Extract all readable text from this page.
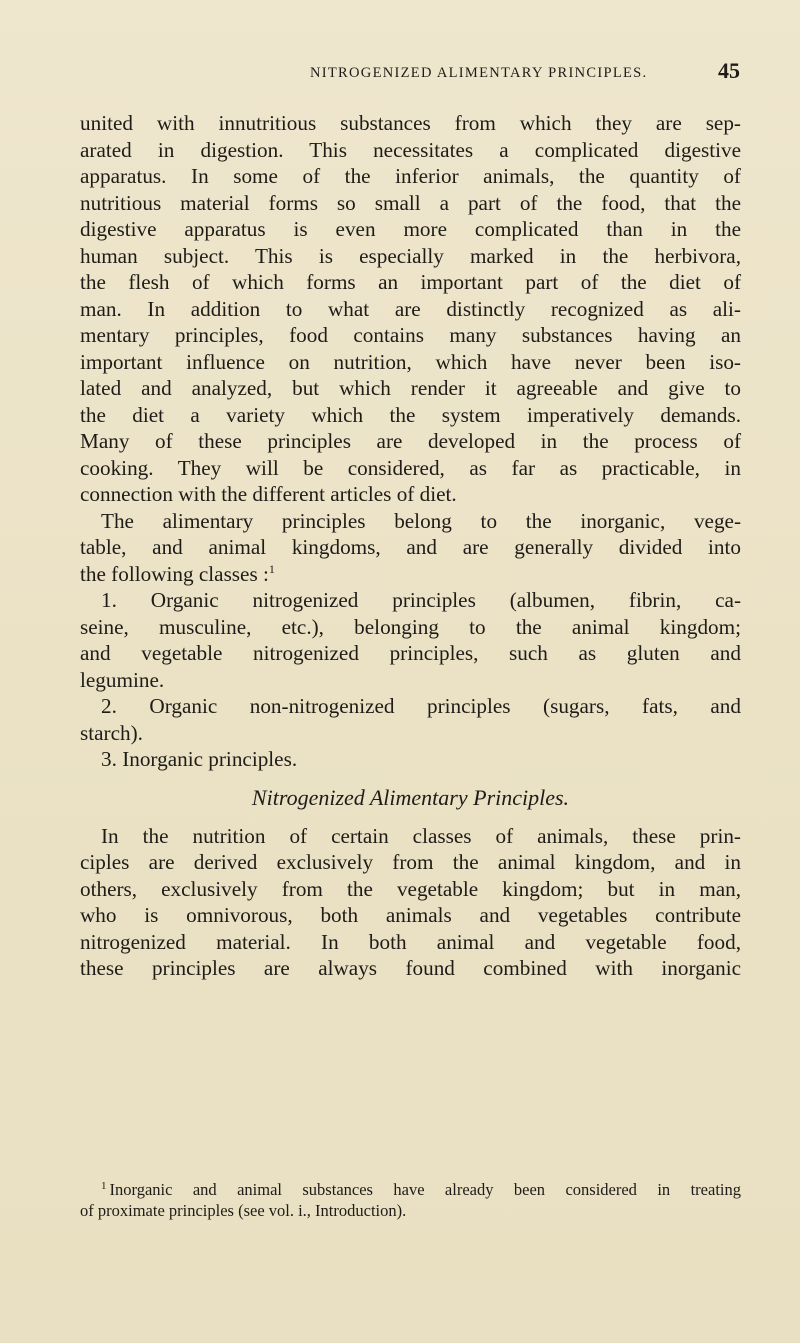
NITROGENIZED ALIMENTARY PRINCIPLES.	45
united with innutritious substances from which they are sep-
arated in digestion. This necessitates a complicated digestive
apparatus. In some of the inferior animals, the quantity of
nutritious material forms so small a part of the food, that the
digestive apparatus is even more complicated than in the
human subject. This is especially marked in the herbivora,
the flesh of which forms an important part of the diet of
man. In addition to what are distinctly recognized as ali-
mentary principles, food contains many substances having an
important influence on nutrition, which have never been iso-
lated and analyzed, but which render it agreeable and give to
the diet a variety which the system imperatively demands.
Many of these principles are developed in the process of
cooking. They will be considered, as far as practicable, in
connection with the different articles of diet.
The alimentary principles belong to the inorganic, vege-
table, and animal kingdoms, and are generally divided into
the following classes :$^1$
1. Organic nitrogenized principles (albumen, fibrin, ca-
seine, musculine, etc.), belonging to the animal kingdom;
and vegetable nitrogenized principles, such as gluten and
legumine.
2. Organic non-nitrogenized principles (sugars, fats, and
starch).
3. Inorganic principles.
Nitrogenized Alimentary Principles.
In the nutrition of certain classes of animals, these prin-
ciples are derived exclusively from the animal kingdom, and in
others, exclusively from the vegetable kingdom; but in man,
who is omnivorous, both animals and vegetables contribute
nitrogenized material. In both animal and vegetable food,
these principles are always found combined with inorganic
$^1$ Inorganic and animal substances have already been considered in treating
of proximate principles (see vol. i., Introduction).
